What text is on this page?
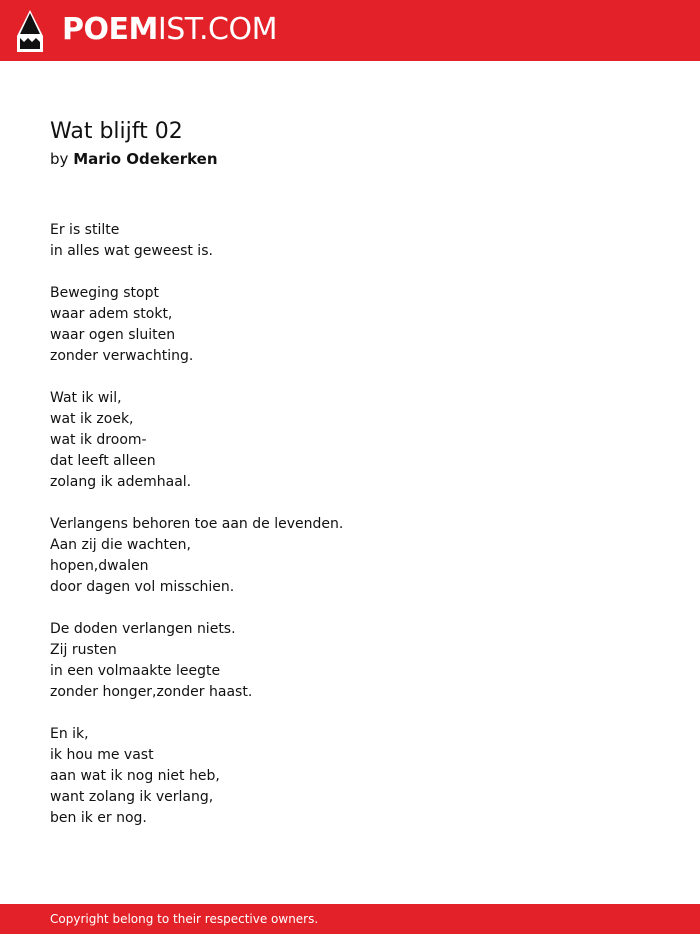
POEMIST.COM
Wat blijft 02
by Mario Odekerken
Er is stilte
in alles wat geweest is.
Beweging stopt
waar adem stokt,
waar ogen sluiten
zonder verwachting.
Wat ik wil,
wat ik zoek,
wat ik droom-
dat leeft alleen
zolang ik ademhaal.
Verlangens behoren toe aan de levenden.
Aan zij die wachten,
hopen,dwalen
door dagen vol misschien.
De doden verlangen niets.
Zij rusten
in een volmaakte leegte
zonder honger,zonder haast.
En ik,
ik hou me vast
aan wat ik nog niet heb,
want zolang ik verlang,
ben ik er nog.
Copyright belong to their respective owners.
